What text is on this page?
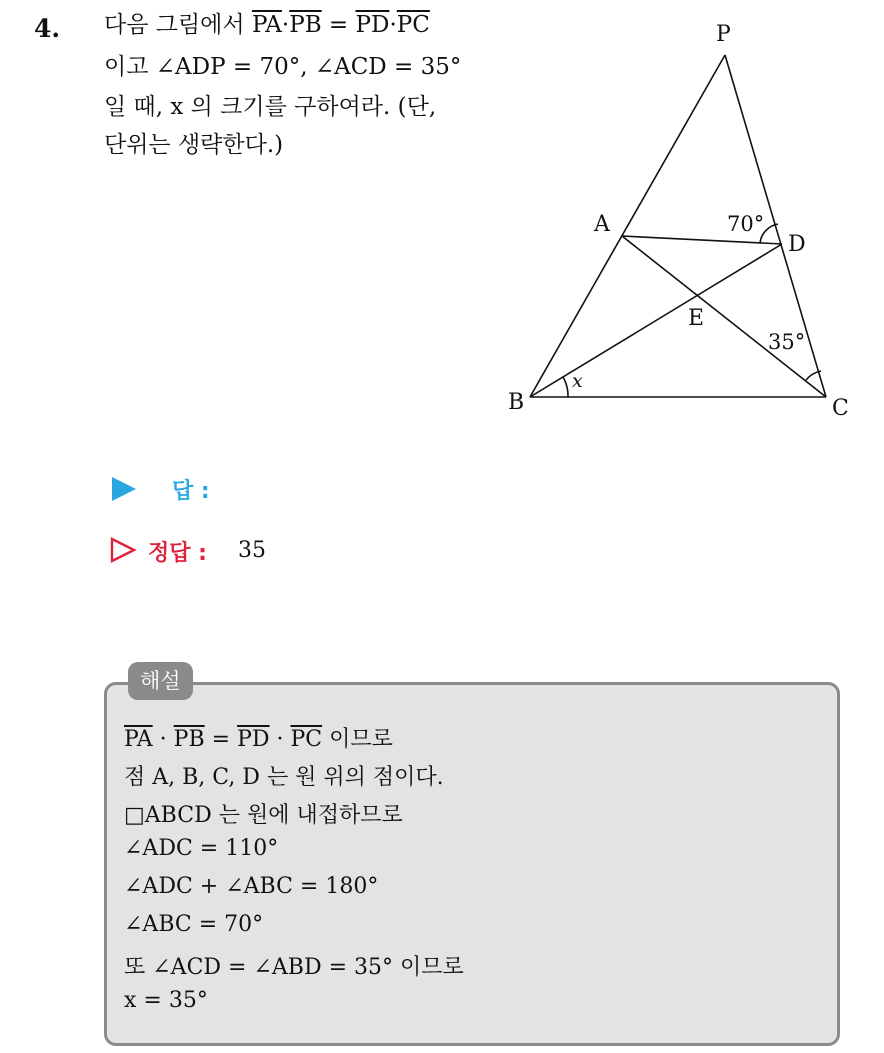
4. 다음 그림에서 $\overline{PA}\cdot\overline{PB} = \overline{PD}\cdot\overline{PC}$
이고 ∠ADP = 70°, ∠ACD = 35°
일 때, x 의 크기를 구하여라. (단,
단위는 생략한다.)
P
A
D
E
B	C
70°
35°
x
답 :
정답 : 35
해설
$\overline{PA} \cdot \overline{PB} = \overline{PD} \cdot \overline{PC}$ 이므로
점 A, B, C, D 는 원 위의 점이다.
□ABCD 는 원에 내접하므로
∠ADC = 110°
∠ADC + ∠ABC = 180°
∠ABC = 70°
또 ∠ACD = ∠ABD = 35° 이므로
x = 35°
